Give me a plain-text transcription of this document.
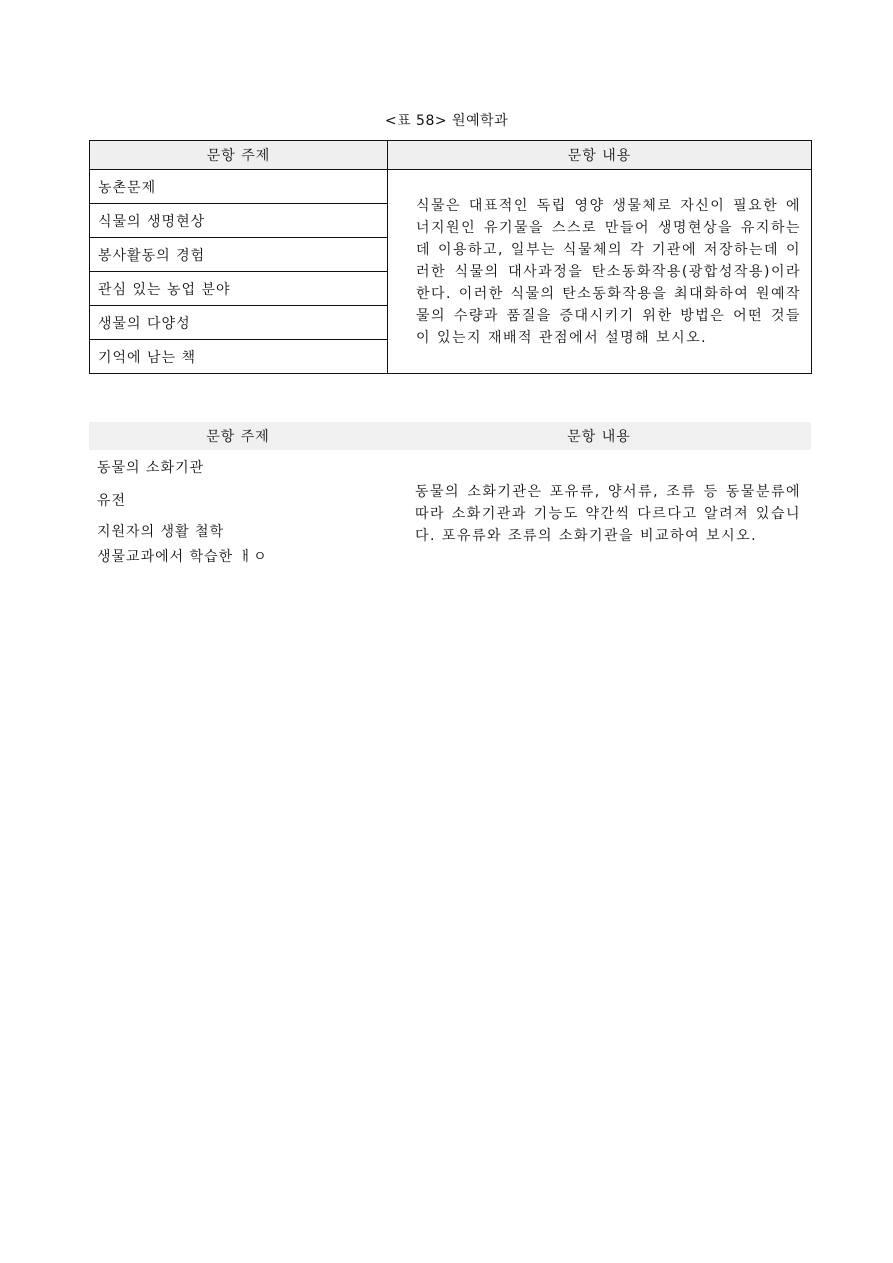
<표 58> 원예학과
문항 주제	문항 내용
농촌문제	식물은 대표적인 독립 영양 생물체로 자신이 필요한 에너지원인 유기물을 스스로 만들어 생명현상을 유지하는데 이용하고, 일부는 식물체의 각 기관에 저장하는데 이러한 식물의 대사과정을 탄소동화작용(광합성작용)이라 한다. 이러한 식물의 탄소동화작용을 최대화하여 원예작물의 수량과 품질을 증대시키기 위한 방법은 어떤 것들이 있는지 재배적 관점에서 설명해 보시오.
식물의 생명현상	
봉사활동의 경험	
관심 있는 농업 분야	
생물의 다양성	
기억에 남는 책	
문항 주제	문항 내용
동물의 소화기관	동물의 소화기관은 포유류, 양서류, 조류 등 동물분류에 따라 소화기관과 기능도 약간씩 다르다고 알려져 있습니다. 포유류와 조류의 소화기관을 비교하여 보시오.
유전	
지원자의 생활 철학	
생물교과에서 학습한 ㅐㅇ	
